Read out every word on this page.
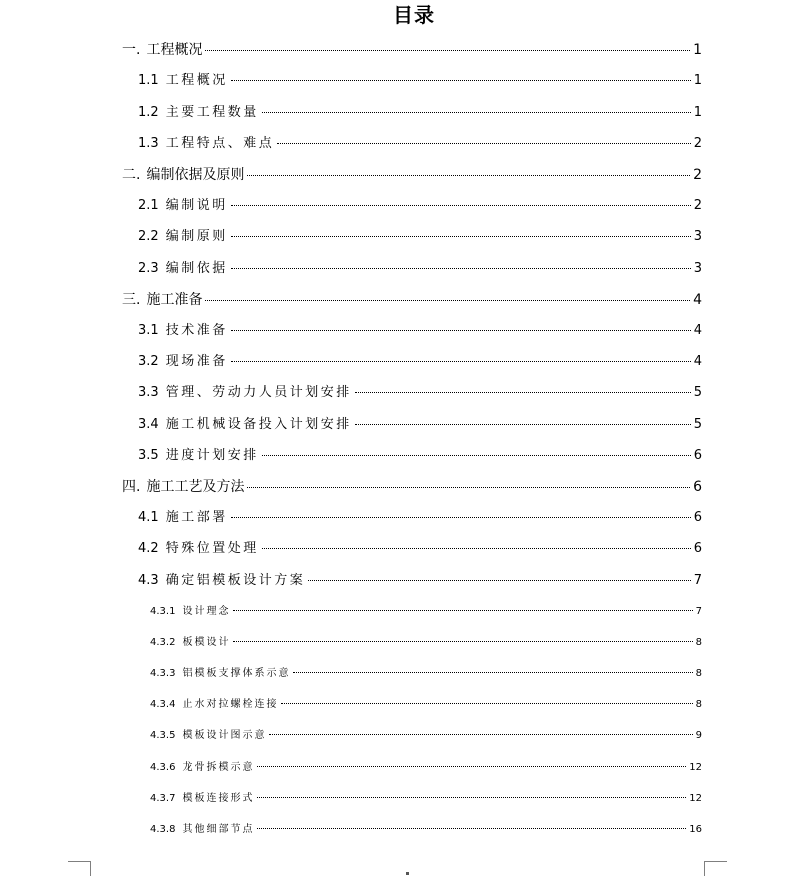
目录
一. 工程概况	1
1.1 工程概况	1
1.2 主要工程数量	1
1.3 工程特点、难点	2
二. 编制依据及原则	2
2.1 编制说明	2
2.2 编制原则	3
2.3 编制依据	3
三. 施工准备	4
3.1 技术准备	4
3.2 现场准备	4
3.3 管理、劳动力人员计划安排	5
3.4 施工机械设备投入计划安排	5
3.5 进度计划安排	6
四. 施工工艺及方法	6
4.1 施工部署	6
4.2 特殊位置处理	6
4.3 确定铝模板设计方案	7
4.3.1 设计理念	7
4.3.2 板模设计	8
4.3.3 铝模板支撑体系示意	8
4.3.4 止水对拉螺栓连接	8
4.3.5 模板设计图示意	9
4.3.6 龙骨拆模示意	12
4.3.7 模板连接形式	12
4.3.8 其他细部节点	16
